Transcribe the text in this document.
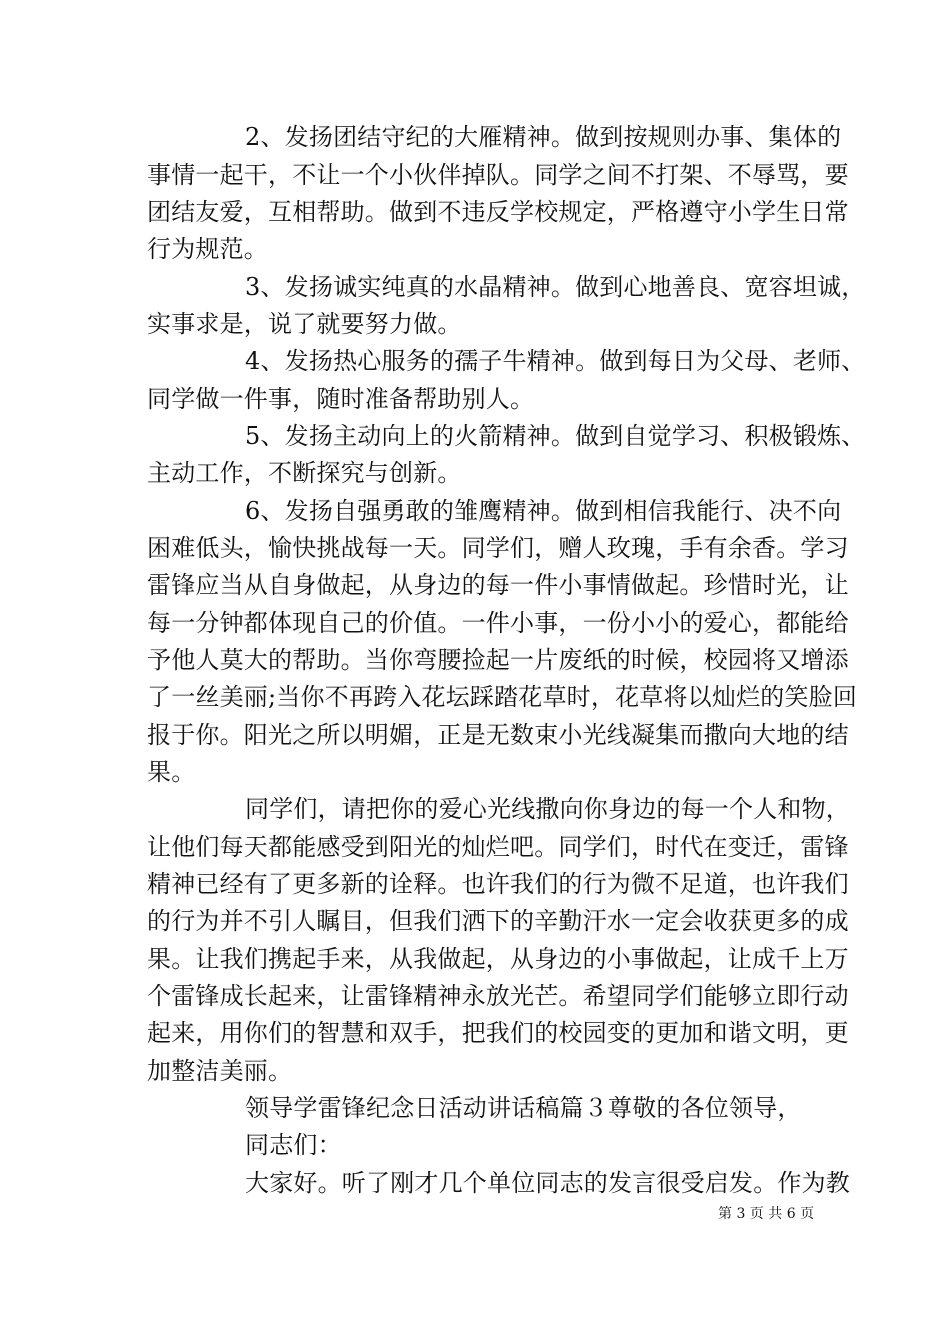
2、发扬团结守纪的大雁精神。做到按规则办事、集体的
事情一起干，不让一个小伙伴掉队。同学之间不打架、不辱骂，要
团结友爱，互相帮助。做到不违反学校规定，严格遵守小学生日常
行为规范。
3、发扬诚实纯真的水晶精神。做到心地善良、宽容坦诚，
实事求是，说了就要努力做。
4、发扬热心服务的孺子牛精神。做到每日为父母、老师、
同学做一件事，随时准备帮助别人。
5、发扬主动向上的火箭精神。做到自觉学习、积极锻炼、
主动工作，不断探究与创新。
6、发扬自强勇敢的雏鹰精神。做到相信我能行、决不向
困难低头，愉快挑战每一天。同学们，赠人玫瑰，手有余香。学习
雷锋应当从自身做起，从身边的每一件小事情做起。珍惜时光，让
每一分钟都体现自己的价值。一件小事，一份小小的爱心，都能给
予他人莫大的帮助。当你弯腰捡起一片废纸的时候，校园将又增添
了一丝美丽;当你不再跨入花坛踩踏花草时，花草将以灿烂的笑脸回
报于你。阳光之所以明媚，正是无数束小光线凝集而撒向大地的结
果。
同学们，请把你的爱心光线撒向你身边的每一个人和物，
让他们每天都能感受到阳光的灿烂吧。同学们，时代在变迁，雷锋
精神已经有了更多新的诠释。也许我们的行为微不足道，也许我们
的行为并不引人瞩目，但我们洒下的辛勤汗水一定会收获更多的成
果。让我们携起手来，从我做起，从身边的小事做起，让成千上万
个雷锋成长起来，让雷锋精神永放光芒。希望同学们能够立即行动
起来，用你们的智慧和双手，把我们的校园变的更加和谐文明，更
加整洁美丽。
领导学雷锋纪念日活动讲话稿篇３尊敬的各位领导，
同志们：
大家好。听了刚才几个单位同志的发言很受启发。作为教
第 3 页 共 6 页
